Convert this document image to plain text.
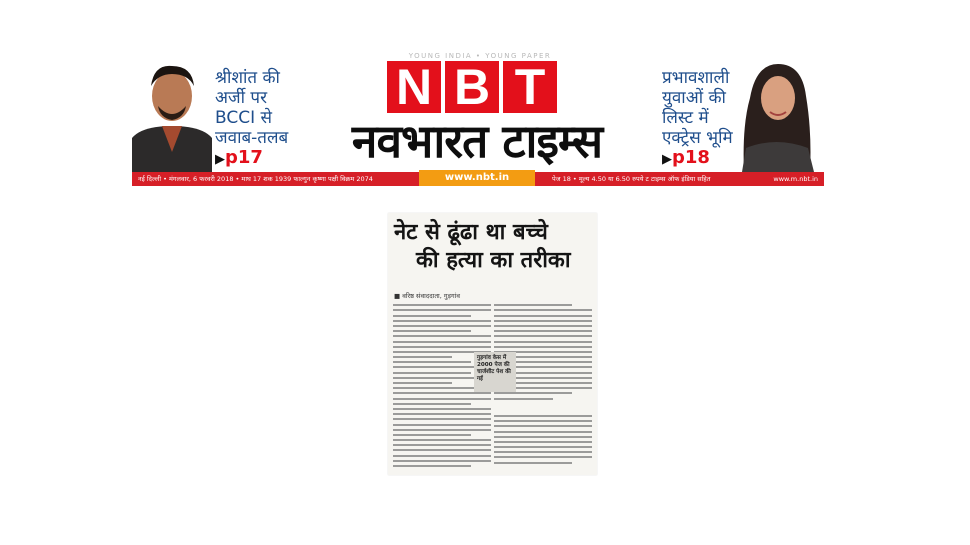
YOUNG INDIA • YOUNG PAPER
N B T
नवभारत टाइम्स
श्रीशांत की
अर्जी पर
BCCI से
जवाब-तलब
▶p17
प्रभावशाली
युवाओं की
लिस्ट में
एक्ट्रेस भूमि
▶p18
नई दिल्ली • मंगलवार, 6 फरवरी 2018 • माघ 17 शक 1939 फाल्गुन कृष्णा पक्षी विक्रम 2074	पेज 18 • मूल्य 4.50 या 6.50 रुपये ट टाइम्स ऑफ इंडिया सहित	www.m.nbt.in
www.nbt.in
नेट से ढूंढा था बच्चे
की हत्या का तरीका
■ वरिष्ठ संवाददाता, गुड़गांव
गुड़गांव केस में 2000 पेज की चार्जशीट पेश की गई
